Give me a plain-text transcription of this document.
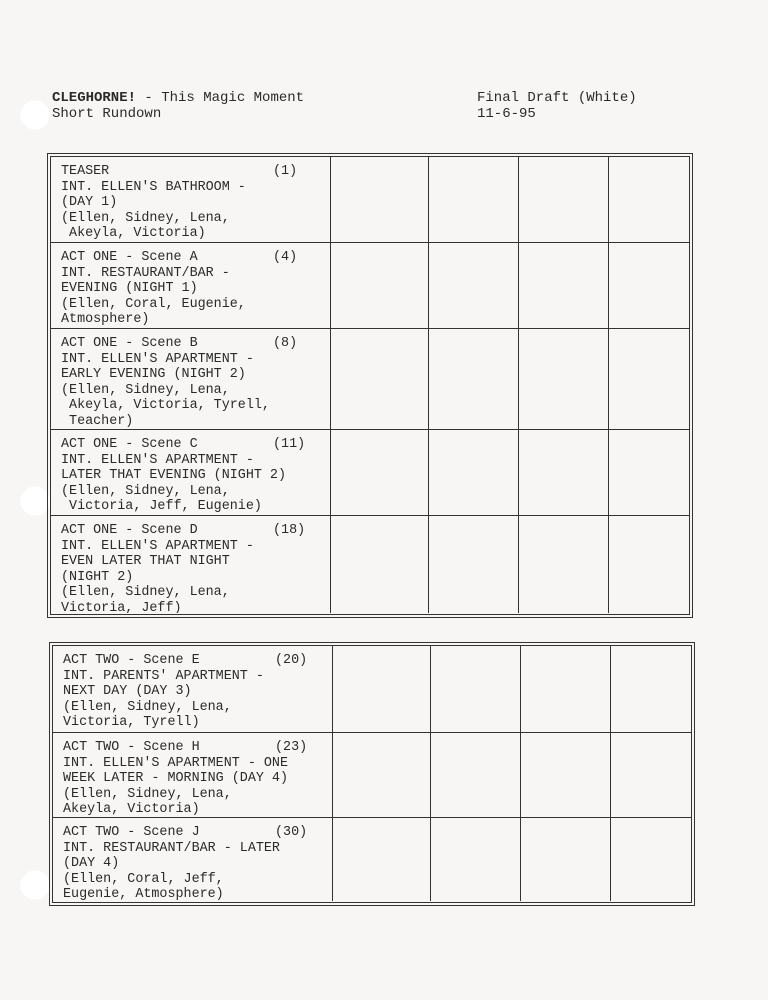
CLEGHORNE! - This Magic Moment
Short Rundown
Final Draft (White)
11-6-95
TEASER	(1)
INT. ELLEN'S BATHROOM -
(DAY 1)
(Ellen, Sidney, Lena,
Akeyla, Victoria)
ACT ONE - Scene A	(4)
INT. RESTAURANT/BAR -
EVENING (NIGHT 1)
(Ellen, Coral, Eugenie,
Atmosphere)
ACT ONE - Scene B	(8)
INT. ELLEN'S APARTMENT -
EARLY EVENING (NIGHT 2)
(Ellen, Sidney, Lena,
Akeyla, Victoria, Tyrell,
Teacher)
ACT ONE - Scene C	(11)
INT. ELLEN'S APARTMENT -
LATER THAT EVENING (NIGHT 2)
(Ellen, Sidney, Lena,
Victoria, Jeff, Eugenie)
ACT ONE - Scene D	(18)
INT. ELLEN'S APARTMENT -
EVEN LATER THAT NIGHT
(NIGHT 2)
(Ellen, Sidney, Lena,
Victoria, Jeff)
ACT TWO - Scene E	(20)
INT. PARENTS' APARTMENT -
NEXT DAY (DAY 3)
(Ellen, Sidney, Lena,
Victoria, Tyrell)
ACT TWO - Scene H	(23)
INT. ELLEN'S APARTMENT - ONE
WEEK LATER - MORNING (DAY 4)
(Ellen, Sidney, Lena,
Akeyla, Victoria)
ACT TWO - Scene J	(30)
INT. RESTAURANT/BAR - LATER
(DAY 4)
(Ellen, Coral, Jeff,
Eugenie, Atmosphere)
